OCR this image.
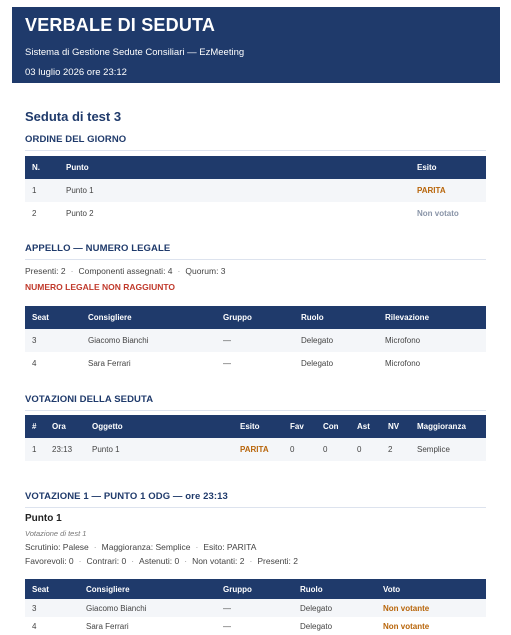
VERBALE DI SEDUTA
Sistema di Gestione Sedute Consiliari — EzMeeting
03 luglio 2026 ore 23:12
Seduta di test 3
ORDINE DEL GIORNO
N.	Punto	Esito
1	Punto 1	PARITA
2	Punto 2	Non votato
APPELLO — NUMERO LEGALE
Presenti: 2 · Componenti assegnati: 4 · Quorum: 3
NUMERO LEGALE NON RAGGIUNTO
Seat	Consigliere	Gruppo	Ruolo	Rilevazione
3	Giacomo Bianchi	—	Delegato	Microfono
4	Sara Ferrari	—	Delegato	Microfono
VOTAZIONI DELLA SEDUTA
#	Ora	Oggetto	Esito	Fav	Con	Ast	NV	Maggioranza
1	23:13	Punto 1	PARITA	0	0	0	2	Semplice
VOTAZIONE 1 — PUNTO 1 ODG — ore 23:13
Punto 1
Votazione di test 1
Scrutinio: Palese · Maggioranza: Semplice · Esito: PARITA
Favorevoli: 0 · Contrari: 0 · Astenuti: 0 · Non votanti: 2 · Presenti: 2
Seat	Consigliere	Gruppo	Ruolo	Voto
3	Giacomo Bianchi	—	Delegato	Non votante
4	Sara Ferrari	—	Delegato	Non votante
